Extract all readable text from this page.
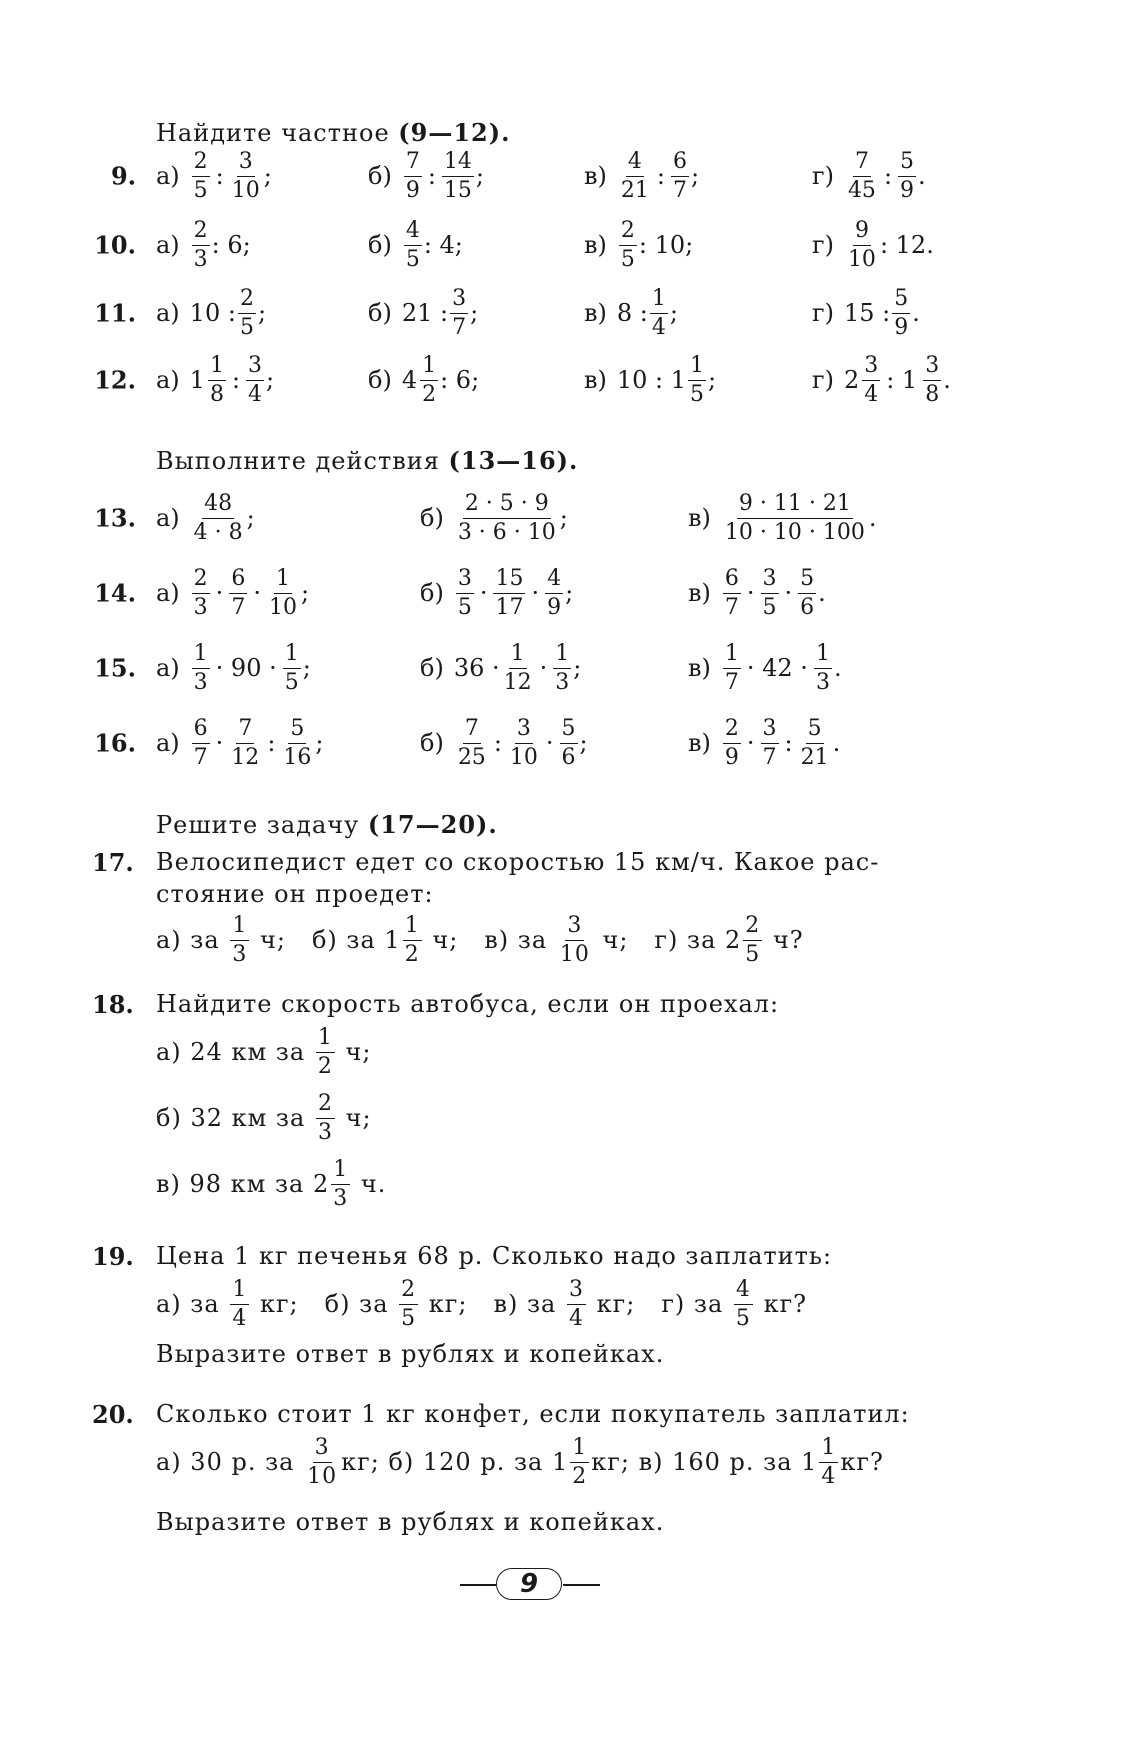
Найдите частное (9—12).
9. $а) \frac{2}{5}$ : $\frac{3}{10}$ ;	$б) \frac{7}{9}$ : $\frac{14}{15}$ ;	$в) \frac{4}{21}$ : $\frac{6}{7}$ ;	$г) \frac{7}{45}$ : $\frac{5}{9}$ .
10. $а) \frac{2}{3}$ : 6;	$б) \frac{4}{5}$ : 4;	$в) \frac{2}{5}$ : 10;	$г) \frac{9}{10}$ : 12.
11. а) 10 : $\frac{2}{5}$ ;	б) 21 : $\frac{3}{7}$ ;	в) 8 : $\frac{1}{4}$ ;	г) 15 : $\frac{5}{9}$ .
12. а) $1 \frac{1}{8}$ : $\frac{3}{4}$ ;	б) $4 \frac{1}{2}$ : 6;	в) 10 : $1 \frac{1}{5}$ ;	г) $2 \frac{3}{4}$ : $1 \frac{3}{8}$ .
Выполните действия (13—16).
13. $а) \frac{48}{4 \cdot 8}$ ;	$б) \frac{2 \cdot 5 \cdot 9}{3 \cdot 6 \cdot 10}$ ;	$в) \frac{9 \cdot 11 \cdot 21}{10 \cdot 10 \cdot 100}$ .
14. $а) \frac{2}{3} \cdot \frac{6}{7} \cdot \frac{1}{10}$ ;	$б) \frac{3}{5} \cdot \frac{15}{17} \cdot \frac{4}{9}$ ;	$в) \frac{6}{7} \cdot \frac{3}{5} \cdot \frac{5}{6}$ .
15. $а) \frac{1}{3} \cdot 90 \cdot \frac{1}{5}$ ;	б) $36 \cdot \frac{1}{12} \cdot \frac{1}{3}$ ;	$в) \frac{1}{7} \cdot 42 \cdot \frac{1}{3}$ .
16. $а) \frac{6}{7} \cdot \frac{7}{12}$ : $\frac{5}{16}$ ;	$б) \frac{7}{25}$ : $\frac{3}{10} \cdot \frac{5}{6}$ ;	$в) \frac{2}{9} \cdot \frac{3}{7}$ : $\frac{5}{21}$ .
Решите задачу (17—20).
17. Велосипедист едет со скоростью 15 км/ч. Какое рас-
стояние он проедет:
а) за
$\frac{1}{3}$
ч; б) за $1 \frac{1}{2}$
ч; в) за
$\frac{3}{10}$
ч; г) за $2 \frac{2}{5}$
ч?
18. Найдите скорость автобуса, если он проехал:
а) 24 км за
$\frac{1}{2}$
ч;
б) 32 км за
$\frac{2}{3}$
ч;
в) 98 км за $2 \frac{1}{3}$
ч.
19. Цена 1 кг печенья 68 р. Сколько надо заплатить:
а) за
$\frac{1}{4}$
кг; б) за
$\frac{2}{5}$
кг; в) за
$\frac{3}{4}$
кг; г) за
$\frac{4}{5}$
кг?
Выразите ответ в рублях и копейках.
20. Сколько стоит 1 кг конфет, если покупатель заплатил:
а) 30 р. за
$\frac{3}{10}$ кг;
б) 120 р. за $1 \frac{1}{2}$ кг;
в) 160 р. за $1 \frac{1}{4}$ кг?
Выразите ответ в рублях и копейках.
9
